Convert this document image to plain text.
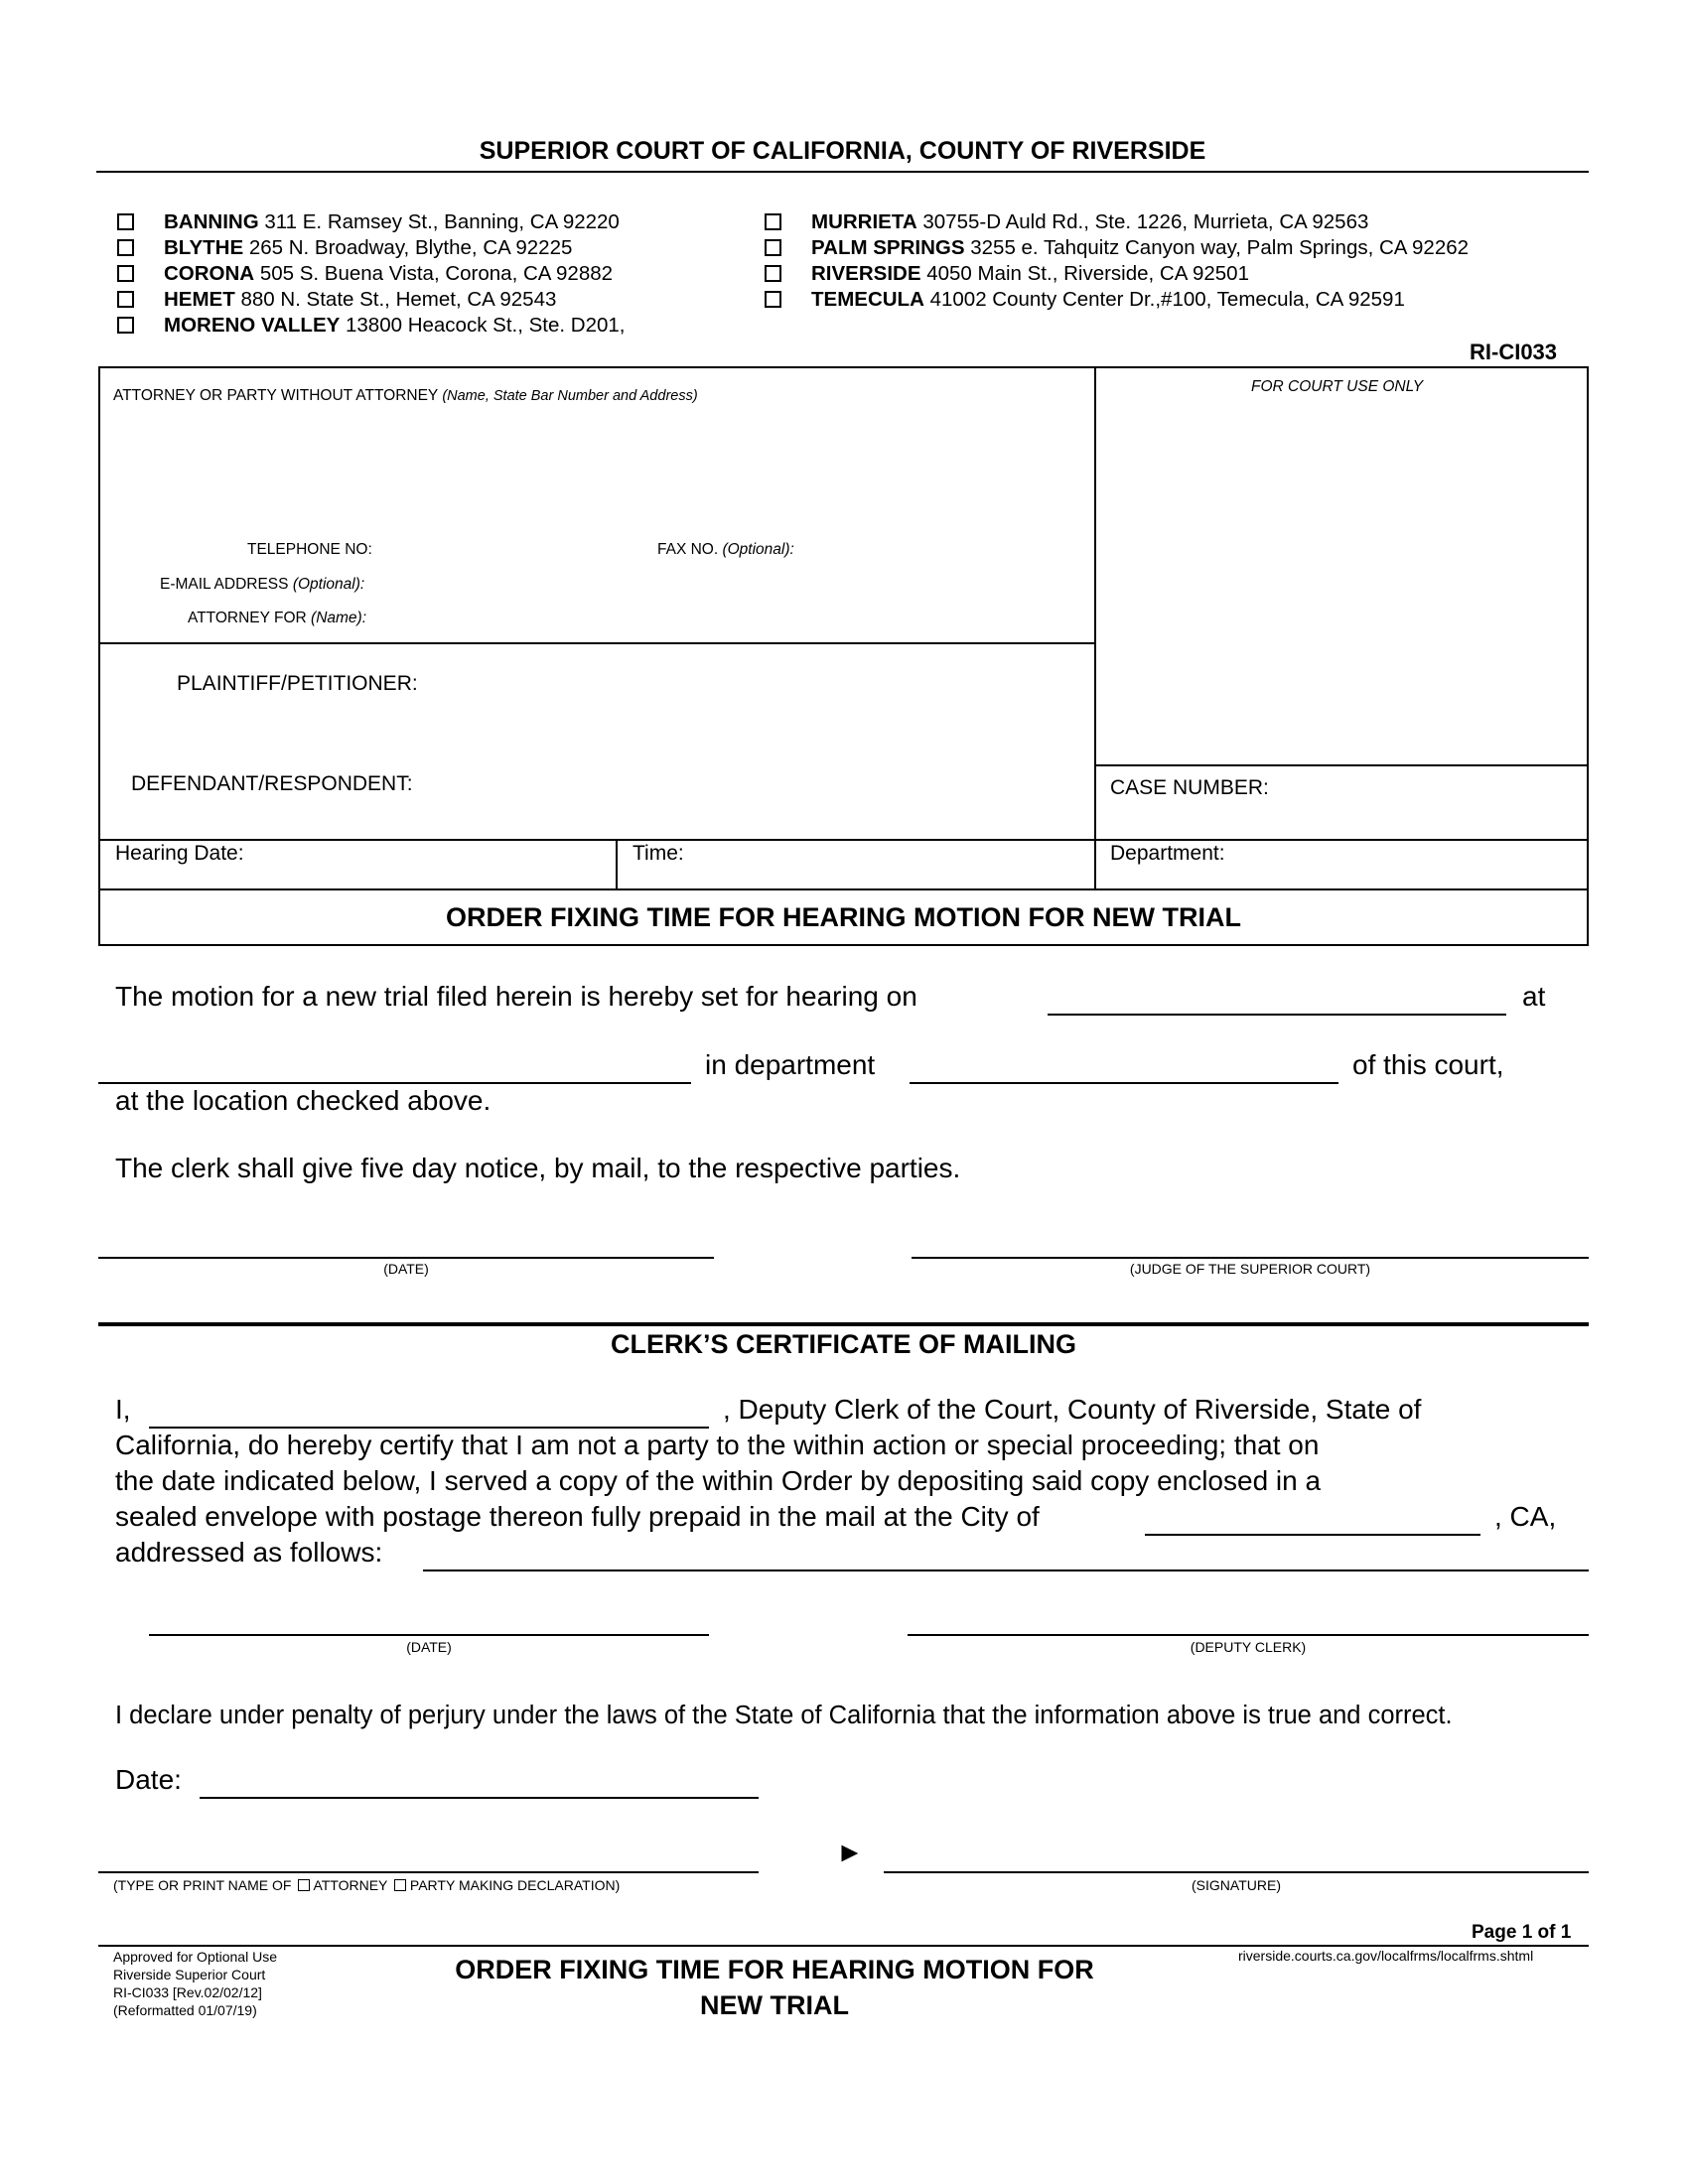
SUPERIOR COURT OF CALIFORNIA, COUNTY OF RIVERSIDE
BANNING 311 E. Ramsey St., Banning, CA 92220
BLYTHE 265 N. Broadway, Blythe, CA 92225
CORONA 505 S. Buena Vista, Corona, CA 92882
HEMET 880 N. State St., Hemet, CA 92543
MORENO VALLEY 13800 Heacock St., Ste. D201,
MURRIETA 30755-D Auld Rd., Ste. 1226, Murrieta, CA 92563
PALM SPRINGS 3255 e. Tahquitz Canyon way, Palm Springs, CA 92262
RIVERSIDE 4050 Main St., Riverside, CA 92501
TEMECULA 41002 County Center Dr.,#100, Temecula, CA 92591
RI-CI033
ATTORNEY OR PARTY WITHOUT ATTORNEY (Name, State Bar Number and Address)
FOR COURT USE ONLY
TELEPHONE NO:	FAX NO. (Optional):
E-MAIL ADDRESS (Optional):
ATTORNEY FOR (Name):
PLAINTIFF/PETITIONER:
DEFENDANT/RESPONDENT:	CASE NUMBER:
Hearing Date:	Time:	Department:
ORDER FIXING TIME FOR HEARING MOTION FOR NEW TRIAL
The motion for a new trial filed herein is hereby set for hearing on	at
in department	of this court,
at the location checked above.
The clerk shall give five day notice, by mail, to the respective parties.
(DATE)	(JUDGE OF THE SUPERIOR COURT)
CLERK’S CERTIFICATE OF MAILING
I,	, Deputy Clerk of the Court, County of Riverside, State of
California, do hereby certify that I am not a party to the within action or special proceeding; that on
the date indicated below, I served a copy of the within Order by depositing said copy enclosed in a
sealed envelope with postage thereon fully prepaid in the mail at the City of	, CA,
addressed as follows:
(DATE)	(DEPUTY CLERK)
I declare under penalty of perjury under the laws of the State of California that the information above is true and correct.
Date:
►
(TYPE OR PRINT NAME OF ATTORNEY PARTY MAKING DECLARATION)	(SIGNATURE)
Page 1 of 1
Approved for Optional Use
Riverside Superior Court
RI-CI033 [Rev.02/02/12]
(Reformatted 01/07/19)
ORDER FIXING TIME FOR HEARING MOTION FOR
NEW TRIAL
riverside.courts.ca.gov/localfrms/localfrms.shtml
